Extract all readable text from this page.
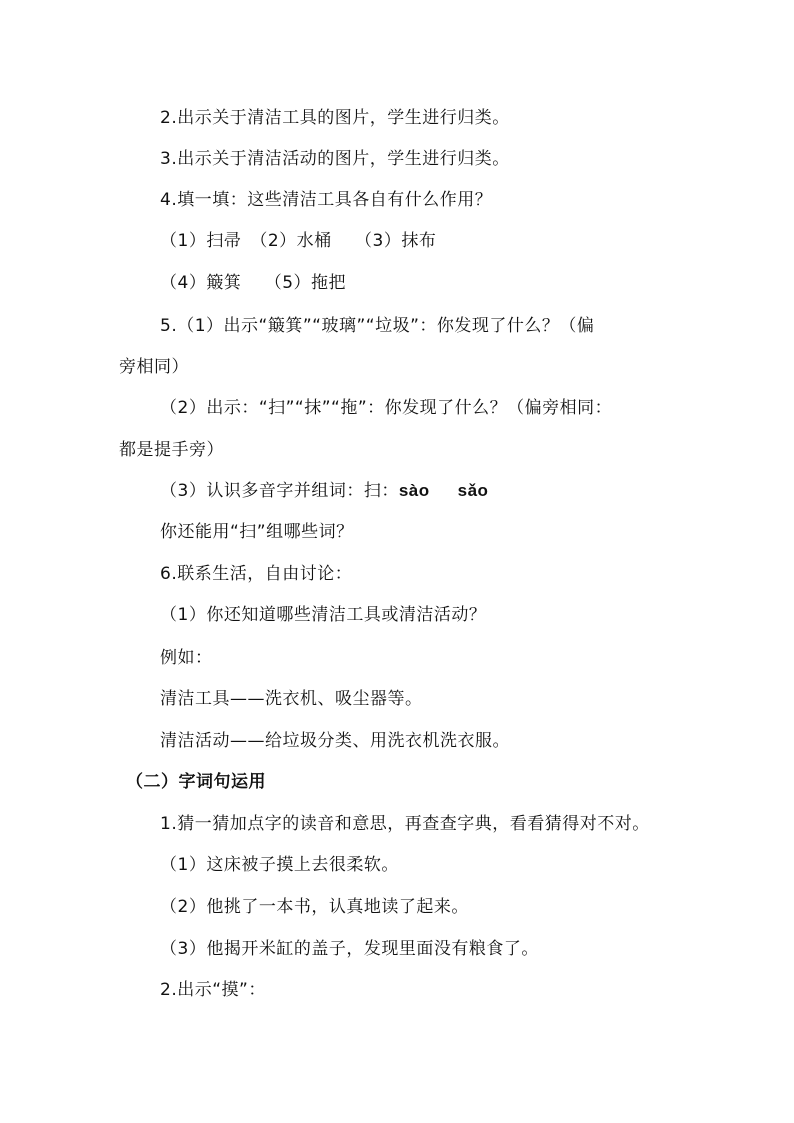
2.出示关于清洁工具的图片，学生进行归类。
3.出示关于清洁活动的图片，学生进行归类。
4.填一填：这些清洁工具各自有什么作用？
（1）扫帚　（2）水桶　 （3）抹布
（4）簸箕　 （5）拖把
5.（1）出示“簸箕”“玻璃”“垃圾”：你发现了什么？（偏
旁相同）
（2）出示：“扫”“抹”“拖”：你发现了什么？（偏旁相同：
都是提手旁）
（3）认识多音字并组词：扫：sào sǎo
你还能用“扫”组哪些词？
6.联系生活，自由讨论：
（1）你还知道哪些清洁工具或清洁活动？
例如：
清洁工具——洗衣机、吸尘器等。
清洁活动——给垃圾分类、用洗衣机洗衣服。
（二）字词句运用
1.猜一猜加点字的读音和意思，再查查字典，看看猜得对不对。
（1）这床被子摸上去很柔软。
（2）他挑了一本书，认真地读了起来。
（3）他揭开米缸的盖子，发现里面没有粮食了。
2.出示“摸”：
